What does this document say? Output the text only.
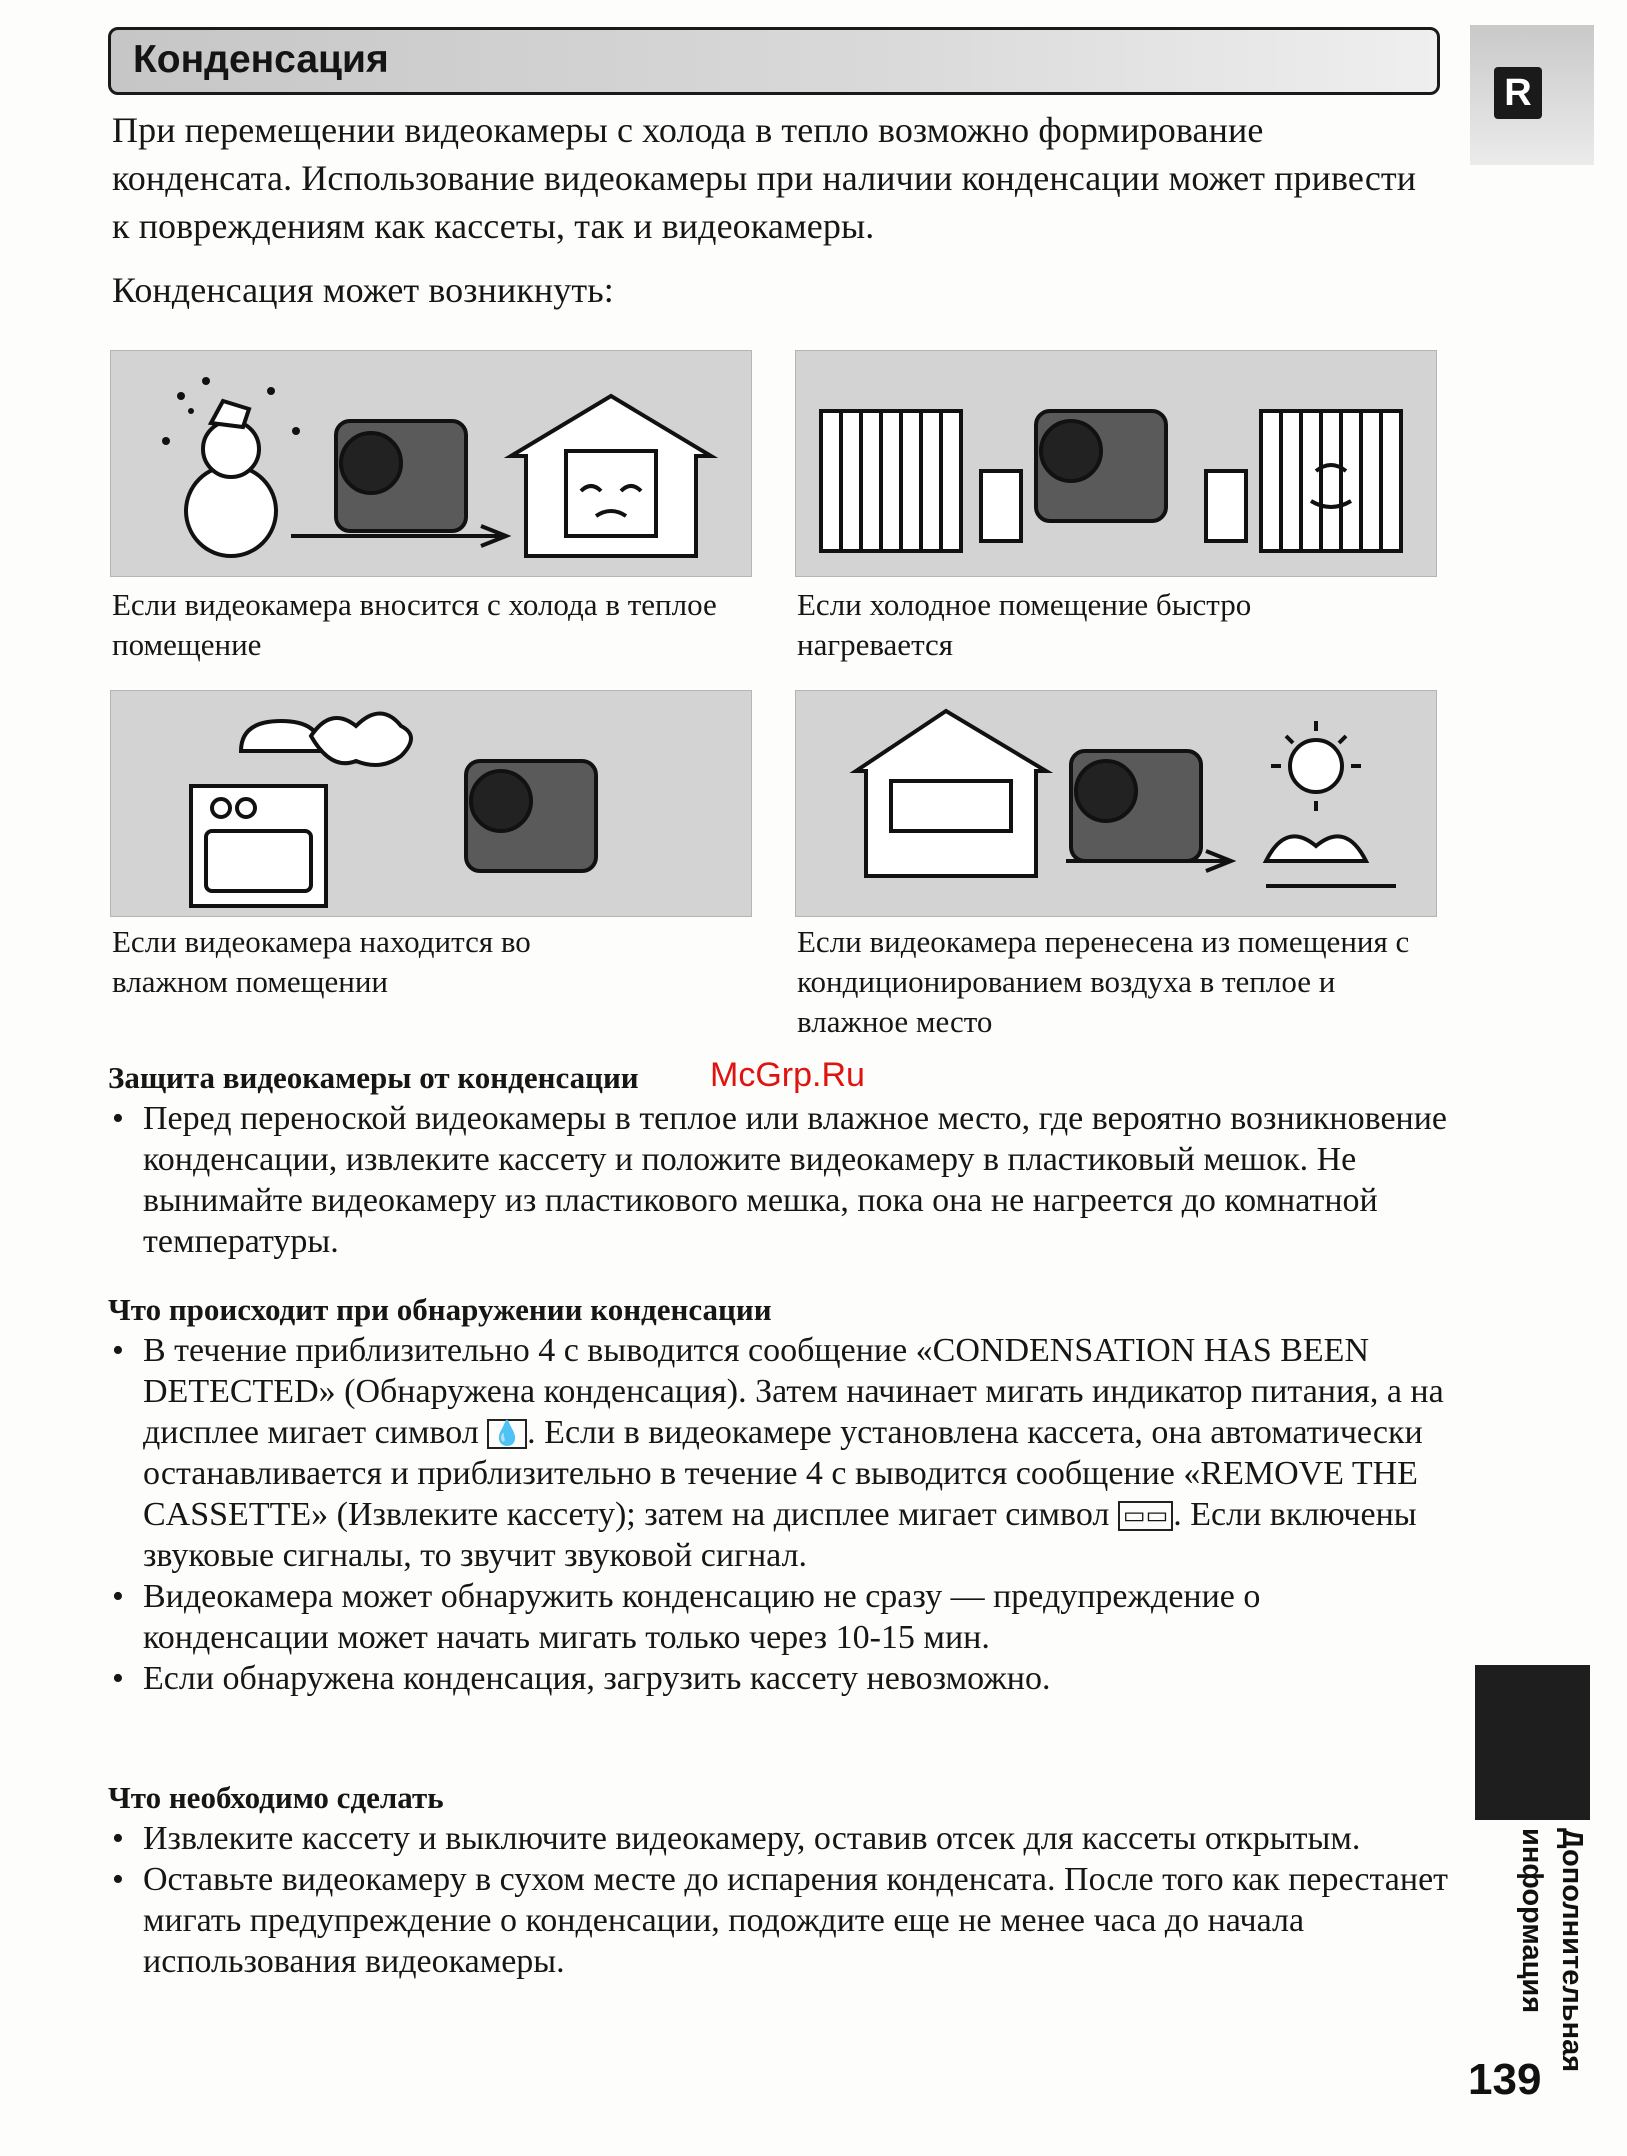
Конденсация
R
При перемещении видеокамеры с холода в тепло возможно формирование конденсата. Использование видеокамеры при наличии конденсации может привести к повреждениям как кассеты, так и видеокамеры.
Конденсация может возникнуть:
Если видеокамера вносится с холода в теплое помещение
Если холодное помещение быстро нагревается
Если видеокамера находится во влажном помещении
Если видеокамера перенесена из помещения с кондиционированием воздуха в теплое и влажное место
McGrp.Ru
Защита видеокамеры от конденсации
• Перед переноской видеокамеры в теплое или влажное место, где вероятно возникновение конденсации, извлеките кассету и положите видеокамеру в пластиковый мешок. Не вынимайте видеокамеру из пластикового мешка, пока она не нагреется до комнатной температуры.
Что происходит при обнаружении конденсации
• В течение приблизительно 4 с выводится сообщение «CONDENSATION HAS BEEN DETECTED» (Обнаружена конденсация). Затем начинает мигать индикатор питания, а на дисплее мигает символ 💧 . Если в видеокамере установлена кассета, она автоматически останавливается и приблизительно в течение 4 с выводится сообщение «REMOVE THE CASSETTE» (Извлеките кассету); затем на дисплее мигает символ ▭▭ . Если включены звуковые сигналы, то звучит звуковой сигнал.
• Видеокамера может обнаружить конденсацию не сразу — предупреждение о конденсации может начать мигать только через 10-15 мин.
• Если обнаружена конденсация, загрузить кассету невозможно.
Что необходимо сделать
• Извлеките кассету и выключите видеокамеру, оставив отсек для кассеты открытым.
• Оставьте видеокамеру в сухом месте до испарения конденсата. После того как перестанет мигать предупреждение о конденсации, подождите еще не менее часа до начала использования видеокамеры.	Дополнительная информация
139
